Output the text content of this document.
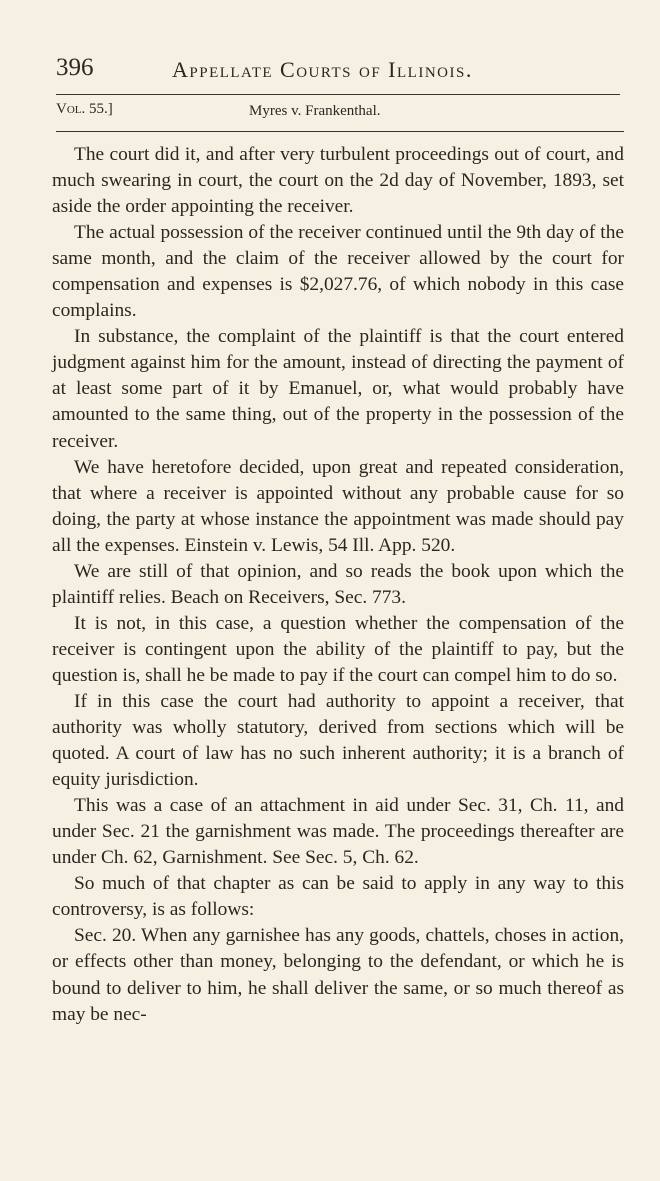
396	Appellate Courts of Illinois.
Vol. 55.]	Myres v. Frankenthal.

The court did it, and after very turbulent proceedings out of court, and much swearing in court, the court on the 2d day of November, 1893, set aside the order appointing the receiver.

The actual possession of the receiver continued until the 9th day of the same month, and the claim of the receiver allowed by the court for compensation and expenses is $2,027.76, of which nobody in this case complains.

In substance, the complaint of the plaintiff is that the court entered judgment against him for the amount, instead of directing the payment of at least some part of it by Emanuel, or, what would probably have amounted to the same thing, out of the property in the possession of the receiver.

We have heretofore decided, upon great and repeated consideration, that where a receiver is appointed without any probable cause for so doing, the party at whose instance the appointment was made should pay all the expenses. Einstein v. Lewis, 54 Ill. App. 520.

We are still of that opinion, and so reads the book upon which the plaintiff relies. Beach on Receivers, Sec. 773.

It is not, in this case, a question whether the compensation of the receiver is contingent upon the ability of the plaintiff to pay, but the question is, shall he be made to pay if the court can compel him to do so.

If in this case the court had authority to appoint a receiver, that authority was wholly statutory, derived from sections which will be quoted. A court of law has no such inherent authority; it is a branch of equity jurisdiction.

This was a case of an attachment in aid under Sec. 31, Ch. 11, and under Sec. 21 the garnishment was made. The proceedings thereafter are under Ch. 62, Garnishment. See Sec. 5, Ch. 62.

So much of that chapter as can be said to apply in any way to this controversy, is as follows:

Sec. 20. When any garnishee has any goods, chattels, choses in action, or effects other than money, belonging to the defendant, or which he is bound to deliver to him, he shall deliver the same, or so much thereof as may be nec-
